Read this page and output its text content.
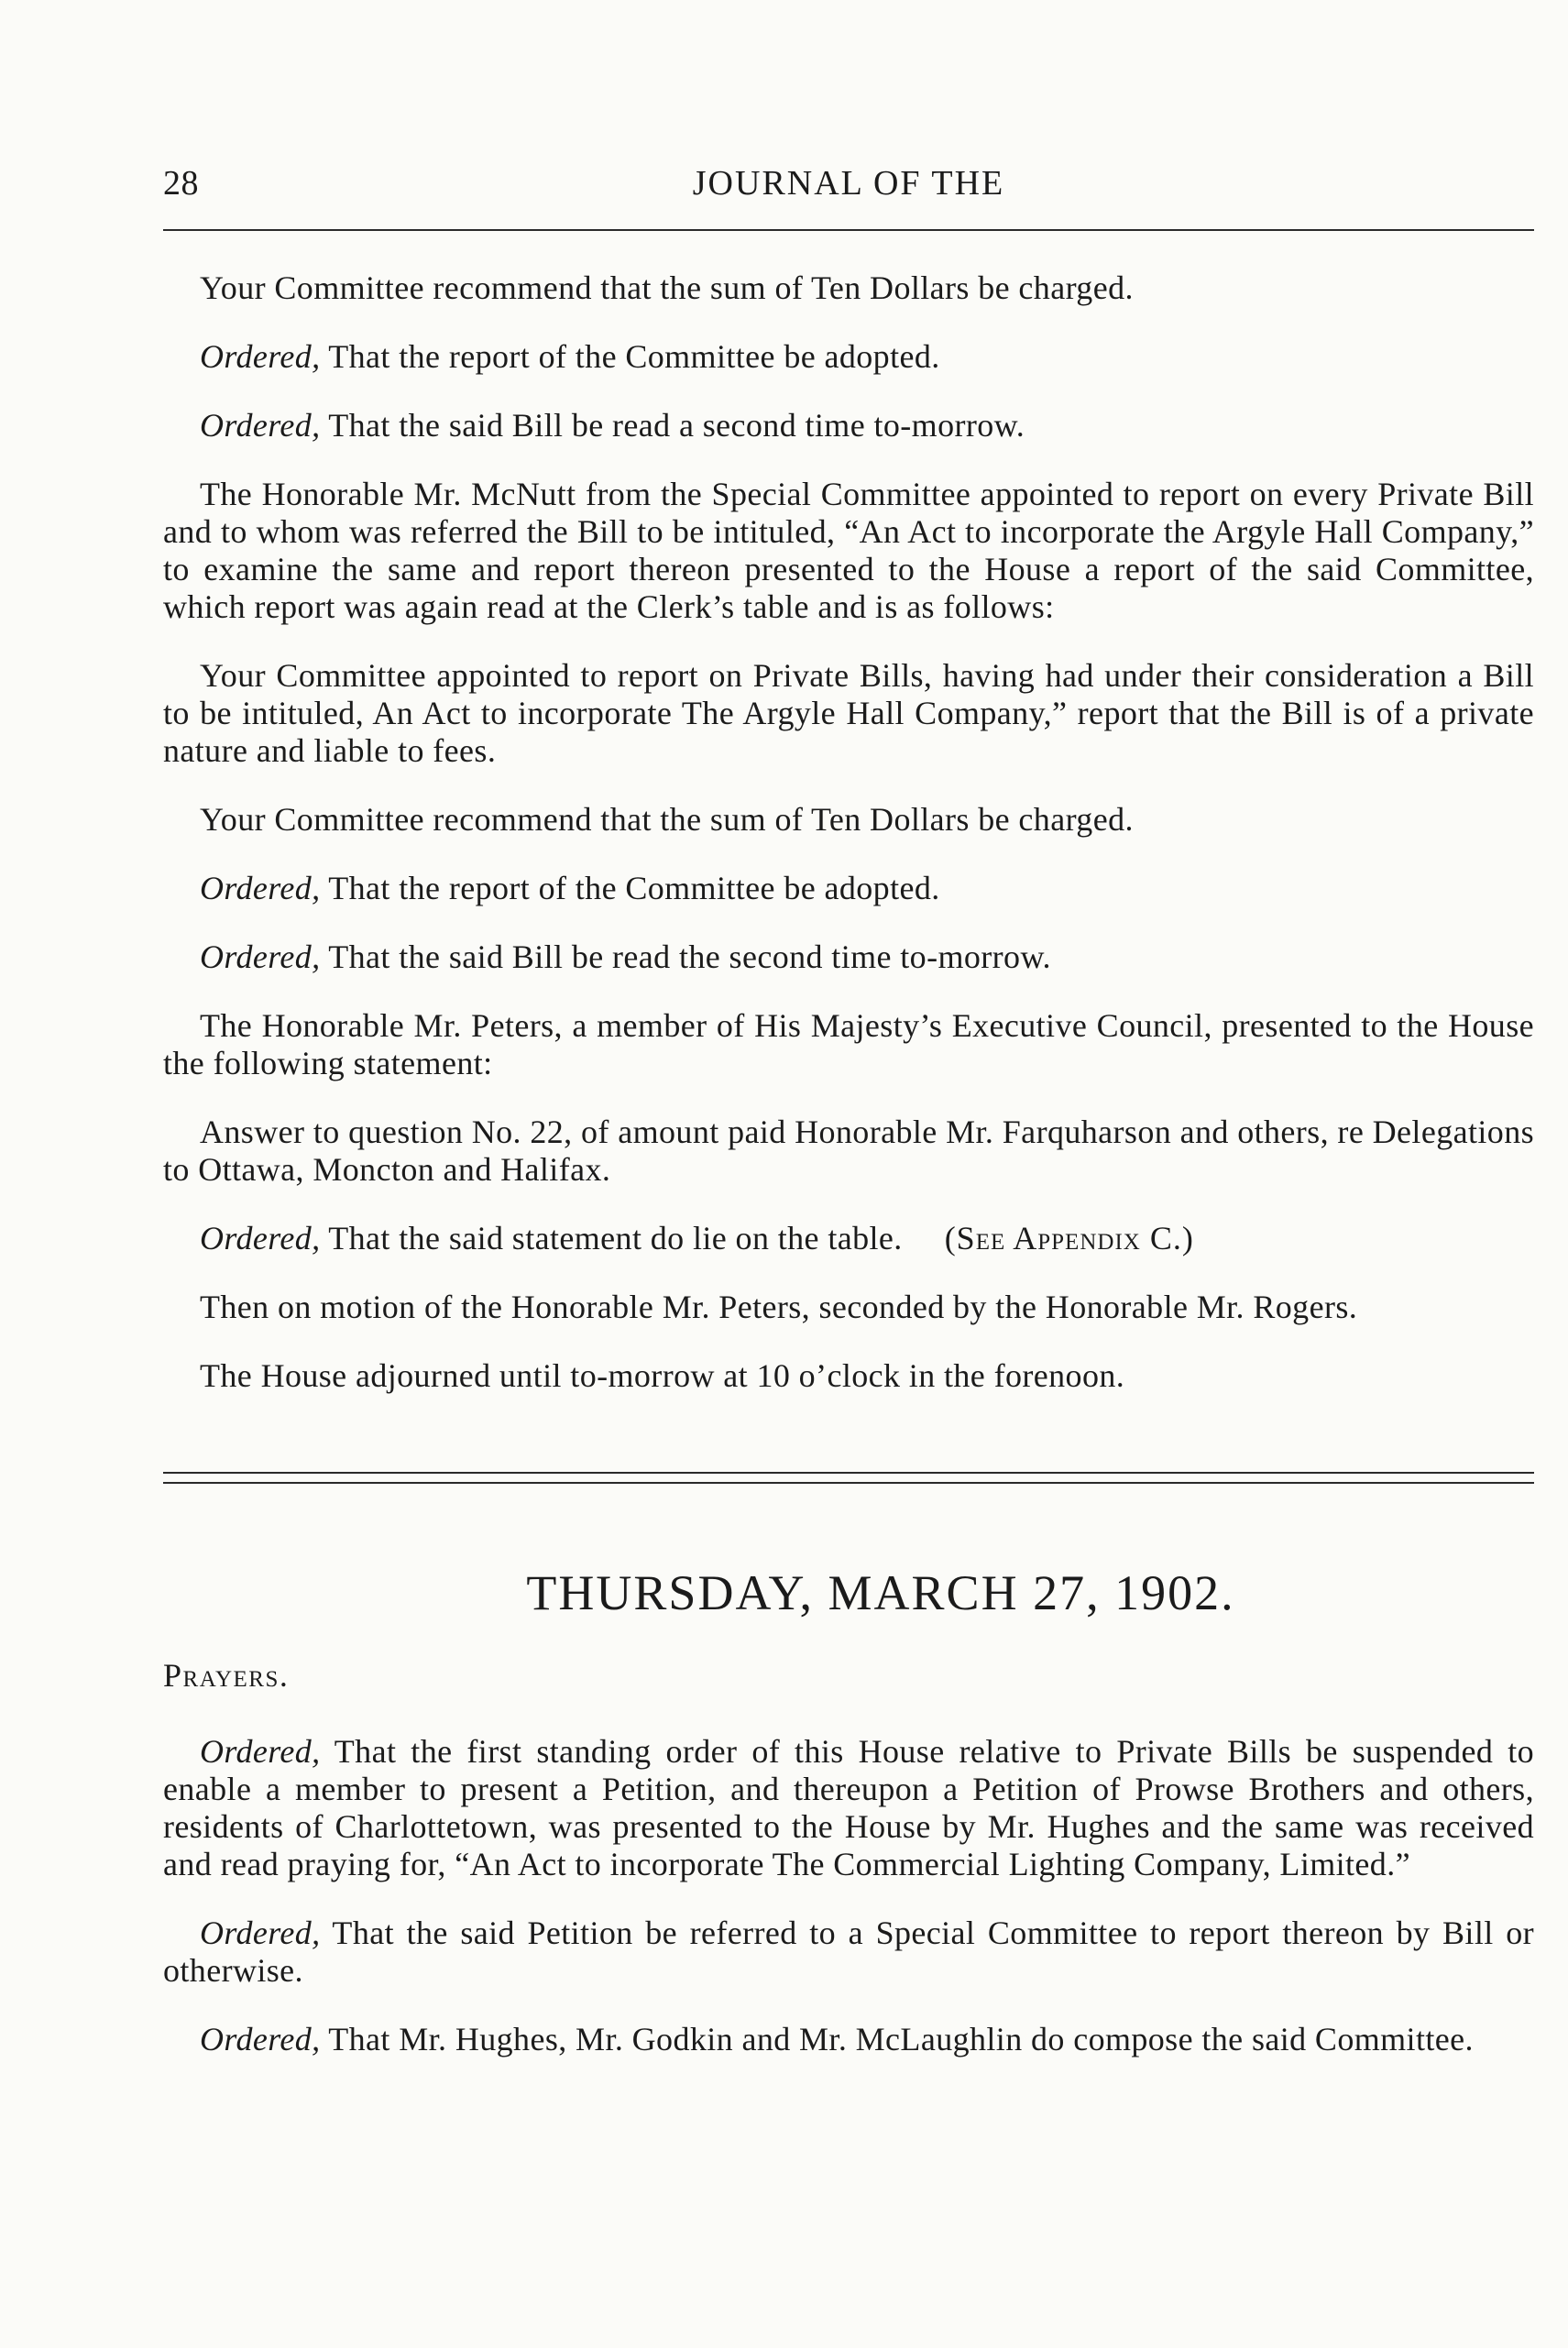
28	JOURNAL OF THE

Your Committee recommend that the sum of Ten Dollars be charged.

Ordered, That the report of the Committee be adopted.

Ordered, That the said Bill be read a second time to-morrow.

The Honorable Mr. McNutt from the Special Committee appointed to report on every Private Bill and to whom was referred the Bill to be intituled, “An Act to incorporate the Argyle Hall Company,” to examine the same and report thereon presented to the House a report of the said Committee, which report was again read at the Clerk’s table and is as follows:

Your Committee appointed to report on Private Bills, having had under their consideration a Bill to be intituled, An Act to incorporate The Argyle Hall Company,” report that the Bill is of a private nature and liable to fees.

Your Committee recommend that the sum of Ten Dollars be charged.

Ordered, That the report of the Committee be adopted.

Ordered, That the said Bill be read the second time to-morrow.

The Honorable Mr. Peters, a member of His Majesty’s Executive Council, presented to the House the following statement:

Answer to question No. 22, of amount paid Honorable Mr. Farquharson and others, re Delegations to Ottawa, Moncton and Halifax.

Ordered, That the said statement do lie on the table. (See Appendix C.)

Then on motion of the Honorable Mr. Peters, seconded by the Honorable Mr. Rogers.

The House adjourned until to-morrow at 10 o’clock in the forenoon.

THURSDAY, MARCH 27, 1902.
Prayers.

Ordered, That the first standing order of this House relative to Private Bills be suspended to enable a member to present a Petition, and thereupon a Petition of Prowse Brothers and others, residents of Charlottetown, was presented to the House by Mr. Hughes and the same was received and read praying for, “An Act to incorporate The Commercial Lighting Company, Limited.”

Ordered, That the said Petition be referred to a Special Committee to report thereon by Bill or otherwise.

Ordered, That Mr. Hughes, Mr. Godkin and Mr. McLaughlin do compose the said Committee.
